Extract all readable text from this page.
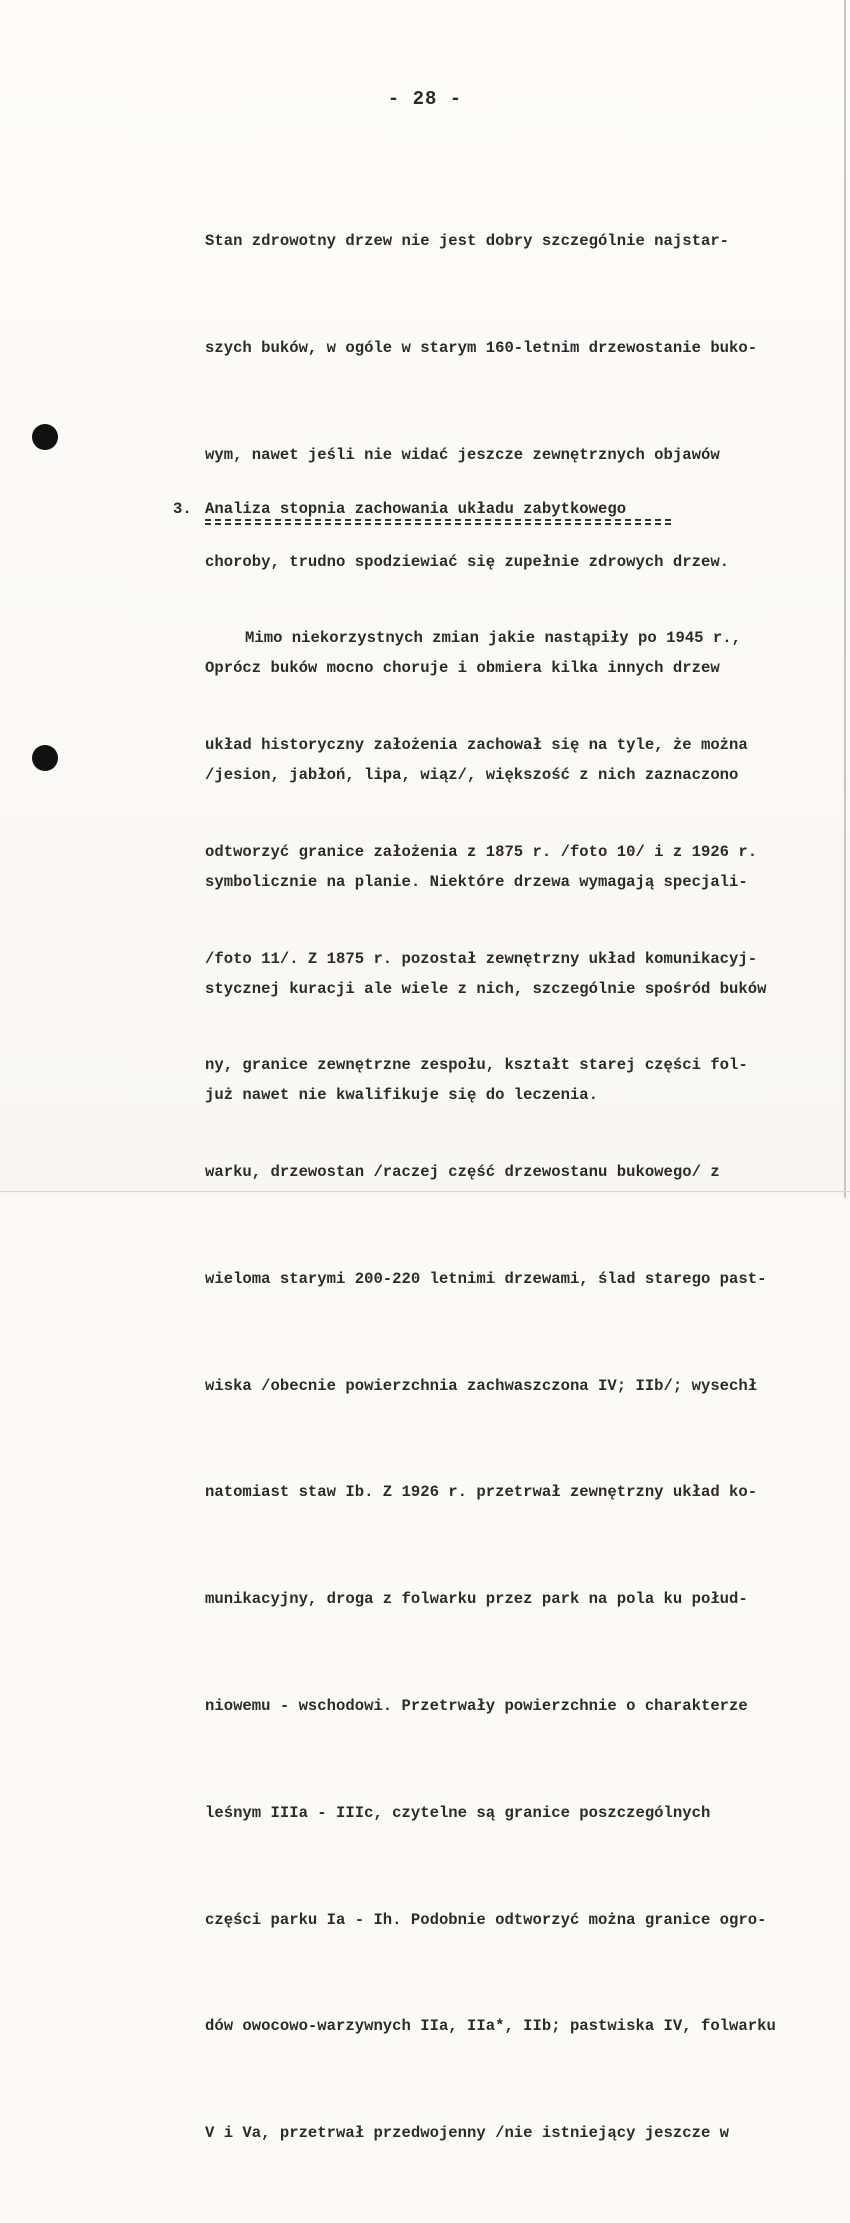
- 28 -

Stan zdrowotny drzew nie jest dobry szczególnie najstar-

szych buków, w ogóle w starym 160-letnim drzewostanie buko-

wym, nawet jeśli nie widać jeszcze zewnętrznych objawów

choroby, trudno spodziewiać się zupełnie zdrowych drzew.

Oprócz buków mocno choruje i obmiera kilka innych drzew

/jesion, jabłoń, lipa, wiąz/, większość z nich zaznaczono

symbolicznie na planie. Niektóre drzewa wymagają specjali-

stycznej kuracji ale wiele z nich, szczególnie spośród buków

już nawet nie kwalifikuje się do leczenia.

3. Analiza stopnia zachowania układu zabytkowego

Mimo niekorzystnych zmian jakie nastąpiły po 1945 r.,

układ historyczny założenia zachował się na tyle, że można

odtworzyć granice założenia z 1875 r. /foto 10/ i z 1926 r.

/foto 11/. Z 1875 r. pozostał zewnętrzny układ komunikacyj-

ny, granice zewnętrzne zespołu, kształt starej części fol-

warku, drzewostan /raczej część drzewostanu bukowego/ z

wieloma starymi 200-220 letnimi drzewami, ślad starego past-

wiska /obecnie powierzchnia zachwaszczona IV; IIb/; wysechł

natomiast staw Ib. Z 1926 r. przetrwał zewnętrzny układ ko-

munikacyjny, droga z folwarku przez park na pola ku połud-

niowemu - wschodowi. Przetrwały powierzchnie o charakterze

leśnym IIIa - IIIc, czytelne są granice poszczególnych

części parku Ia - Ih. Podobnie odtworzyć można granice ogro-

dów owocowo-warzywnych IIa, IIa*, IIb; pastwiska IV, folwarku

V i Va, przetrwał przedwojenny /nie istniejący jeszcze w
